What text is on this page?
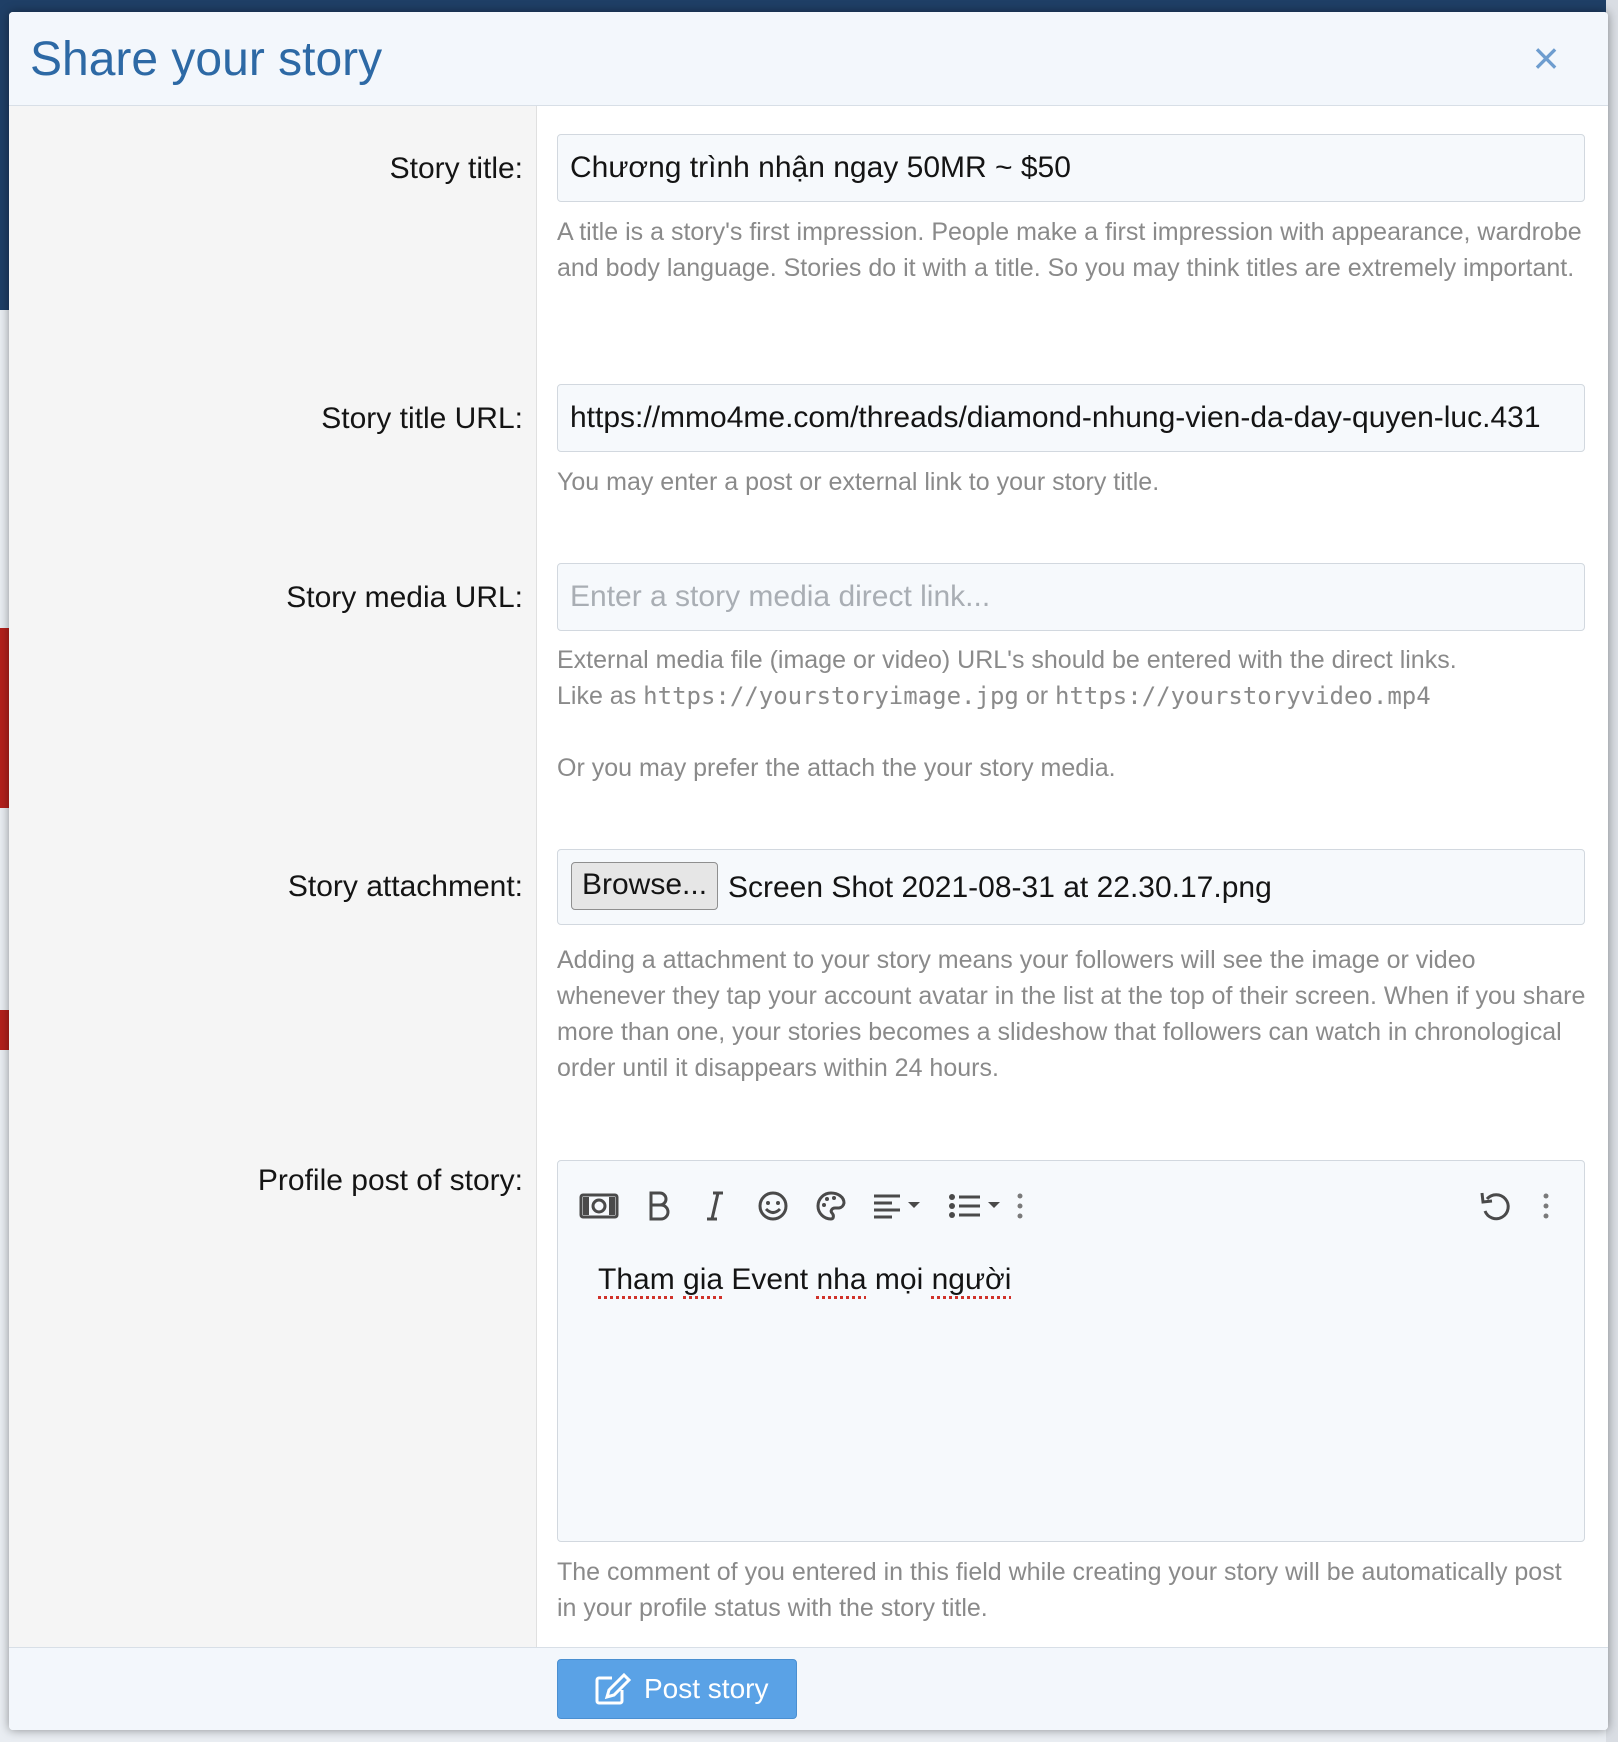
Share your story	×
Story title:	Chương trình nhận ngay 50MR ~ $50
A title is a story's first impression. People make a first impression with appearance, wardrobe and body language. Stories do it with a title. So you may think titles are extremely important.
Story title URL:	https://mmo4me.com/threads/diamond-nhung-vien-da-day-quyen-luc.431
You may enter a post or external link to your story title.
Story media URL:	Enter a story media direct link...
External media file (image or video) URL's should be entered with the direct links.
Like as https://yourstoryimage.jpg or https://yourstoryvideo.mp4
Or you may prefer the attach the your story media.
Story attachment:	Browse... Screen Shot 2021-08-31 at 22.30.17.png
Adding a attachment to your story means your followers will see the image or video whenever they tap your account avatar in the list at the top of their screen. When if you share more than one, your stories becomes a slideshow that followers can watch in chronological order until it disappears within 24 hours.
Profile post of story:
Tham gia Event nha mọi người
The comment of you entered in this field while creating your story will be automatically post in your profile status with the story title.
Post story
